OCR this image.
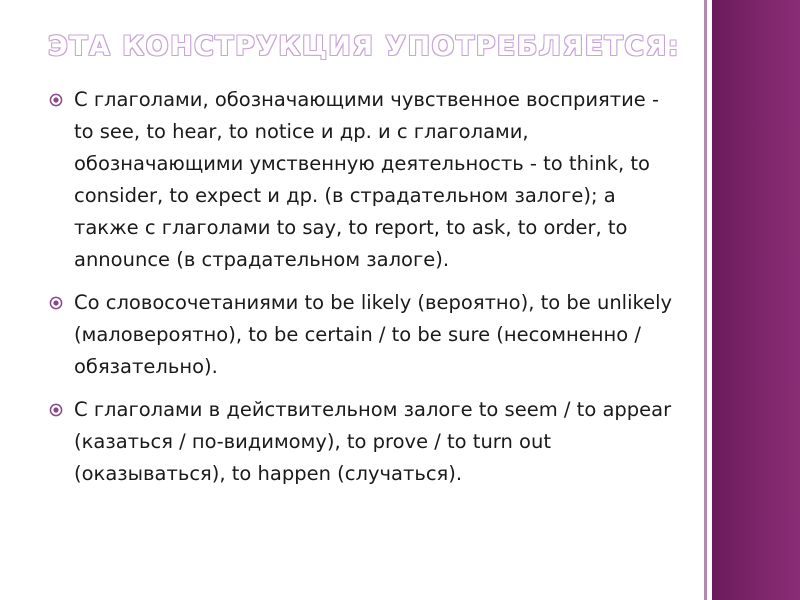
ЭТА КОНСТРУКЦИЯ УПОТРЕБЛЯЕТСЯ:
С глаголами, обозначающими чувственное восприятие - to see, to hear, to notice и др. и с глаголами, обозначающими умственную деятельность - to think, to consider, to expect и др. (в страдательном залоге); а также с глаголами to say, to report, to ask, to order, to announce (в страдательном залоге).
Со словосочетаниями to be likely (вероятно), to be unlikely (маловероятно), to be certain / to be sure (несомненно / обязательно).
С глаголами в действительном залоге to seem / to appear (казаться / по-видимому), to prove / to turn out (оказываться), to happen (случаться).
